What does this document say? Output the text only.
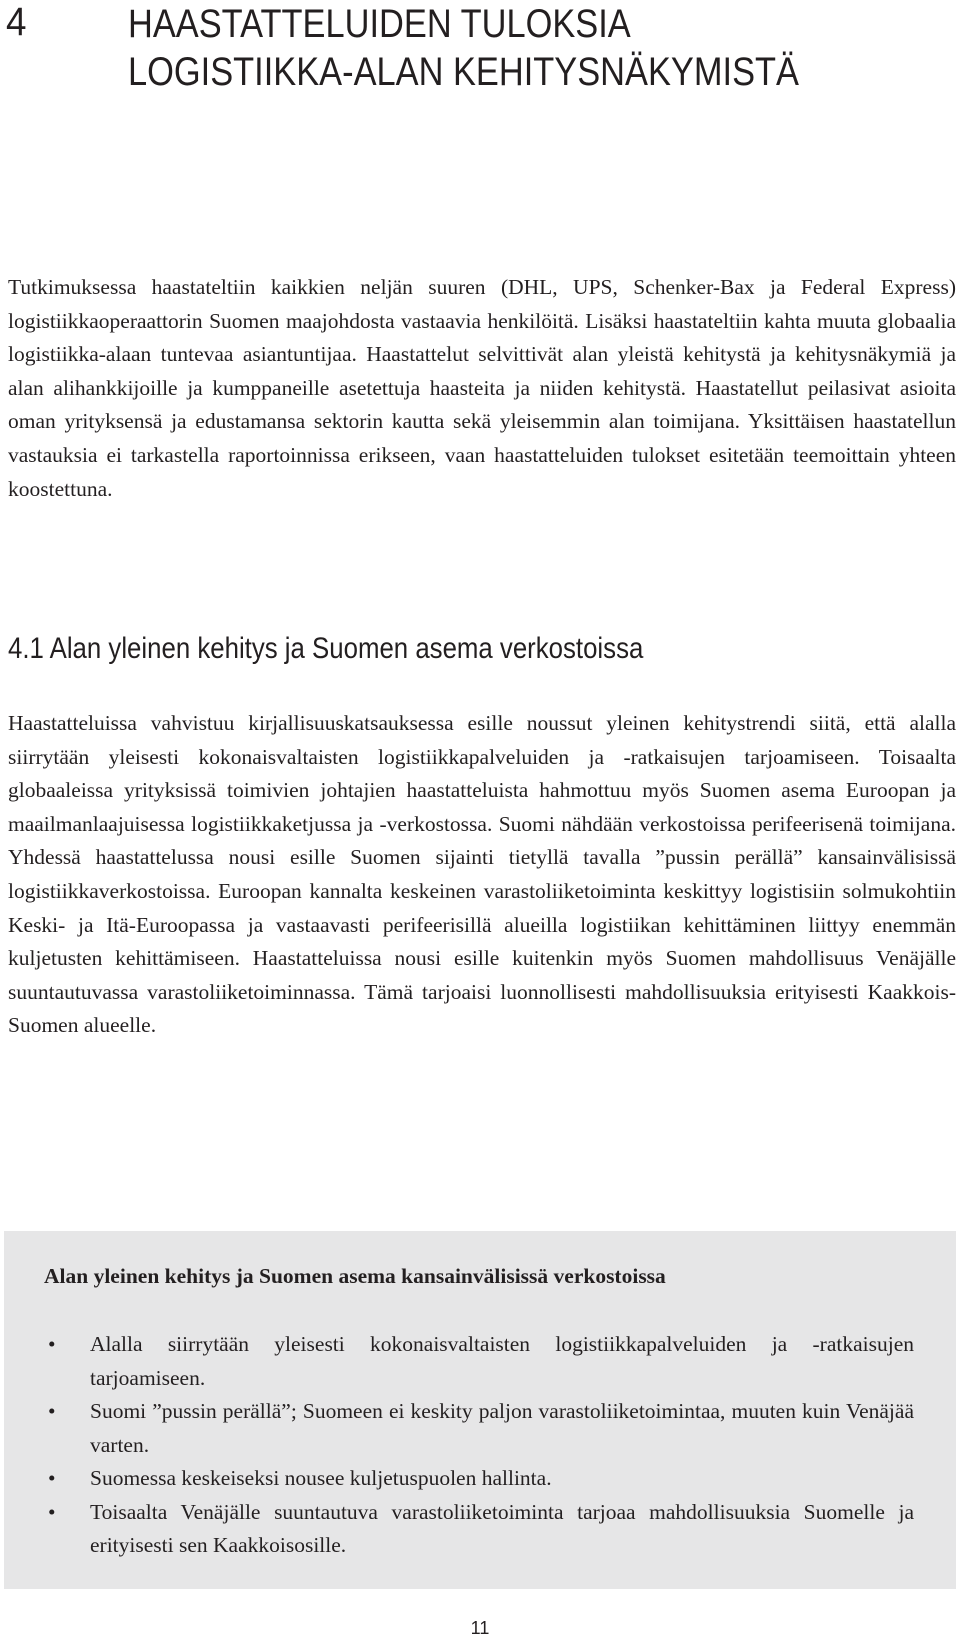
4	HAASTATTELUIDEN TULOKSIA
LOGISTIIKKA-ALAN KEHITYSNÄKYMISTÄ

Tutkimuksessa haastateltiin kaikkien neljän suuren (DHL, UPS, Schenker-Bax ja Federal Express) logistiikkaoperaattorin Suomen maajohdosta vastaavia henkilöitä. Lisäksi haastateltiin kahta muuta globaalia logistiikka-alaan tuntevaa asiantuntijaa. Haastattelut selvittivät alan yleistä kehitystä ja kehitysnäkymiä ja alan alihankkijoille ja kumppaneille asetettuja haasteita ja niiden kehitystä. Haastatellut peilasivat asioita oman yrityksensä ja edustamansa sektorin kautta sekä yleisemmin alan toimijana. Yksittäisen haastatellun vastauksia ei tarkastella raportoinnissa erikseen, vaan haastatteluiden tulokset esitetään teemoittain yhteen koostettuna.

4.1 Alan yleinen kehitys ja Suomen asema verkostoissa

Haastatteluissa vahvistuu kirjallisuuskatsauksessa esille noussut yleinen kehitystrendi siitä, että alalla siirrytään yleisesti kokonaisvaltaisten logistiikkapalveluiden ja -ratkaisujen tarjoamiseen. Toisaalta globaaleissa yrityksissä toimivien johtajien haastatteluista hahmottuu myös Suomen asema Euroopan ja maailmanlaajuisessa logistiikkaketjussa ja -verkostossa. Suomi nähdään verkostoissa perifeerisenä toimijana. Yhdessä haastattelussa nousi esille Suomen sijainti tietyllä tavalla ”pussin perällä” kansainvälisissä logistiikkaverkostoissa. Euroopan kannalta keskeinen varastoliiketoiminta keskittyy logistisiin solmukohtiin Keski- ja Itä-Euroopassa ja vastaavasti perifeerisillä alueilla logistiikan kehittäminen liittyy enemmän kuljetusten kehittämiseen. Haastatteluissa nousi esille kuitenkin myös Suomen mahdollisuus Venäjälle suuntautuvassa varastoliiketoiminnassa. Tämä tarjoaisi luonnollisesti mahdollisuuksia erityisesti Kaakkois-Suomen alueelle.

Alan yleinen kehitys ja Suomen asema kansainvälisissä verkostoissa
• Alalla siirrytään yleisesti kokonaisvaltaisten logistiikkapalveluiden ja -ratkaisujen tarjoamiseen.
• Suomi ”pussin perällä”; Suomeen ei keskity paljon varastoliiketoimintaa, muuten kuin Venäjää varten.
• Suomessa keskeiseksi nousee kuljetuspuolen hallinta.
• Toisaalta Venäjälle suuntautuva varastoliiketoiminta tarjoaa mahdollisuuksia Suomelle ja erityisesti sen Kaakkoisosille.
11
